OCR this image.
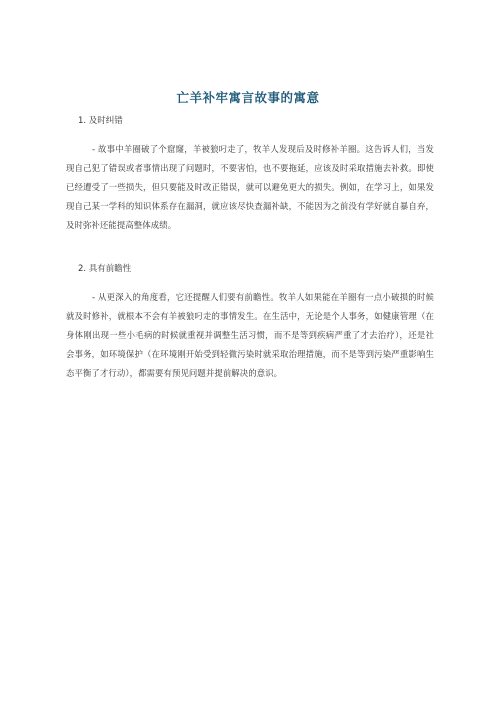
亡羊补牢寓言故事的寓意
1. 及时纠错
- 故事中羊圈破了个窟窿，羊被狼叼走了，牧羊人发现后及时修补羊圈。这告诉人们，当发现自己犯了错误或者事情出现了问题时，不要害怕，也不要拖延，应该及时采取措施去补救。即使已经遭受了一些损失，但只要能及时改正错误，就可以避免更大的损失。例如，在学习上，如果发现自己某一学科的知识体系存在漏洞，就应该尽快查漏补缺，不能因为之前没有学好就自暴自弃，及时弥补还能提高整体成绩。
2. 具有前瞻性
- 从更深入的角度看，它还提醒人们要有前瞻性。牧羊人如果能在羊圈有一点小破损的时候就及时修补，就根本不会有羊被狼叼走的事情发生。在生活中，无论是个人事务，如健康管理（在身体刚出现一些小毛病的时候就重视并调整生活习惯，而不是等到疾病严重了才去治疗），还是社会事务，如环境保护（在环境刚开始受到轻微污染时就采取治理措施，而不是等到污染严重影响生态平衡了才行动），都需要有预见问题并提前解决的意识。
